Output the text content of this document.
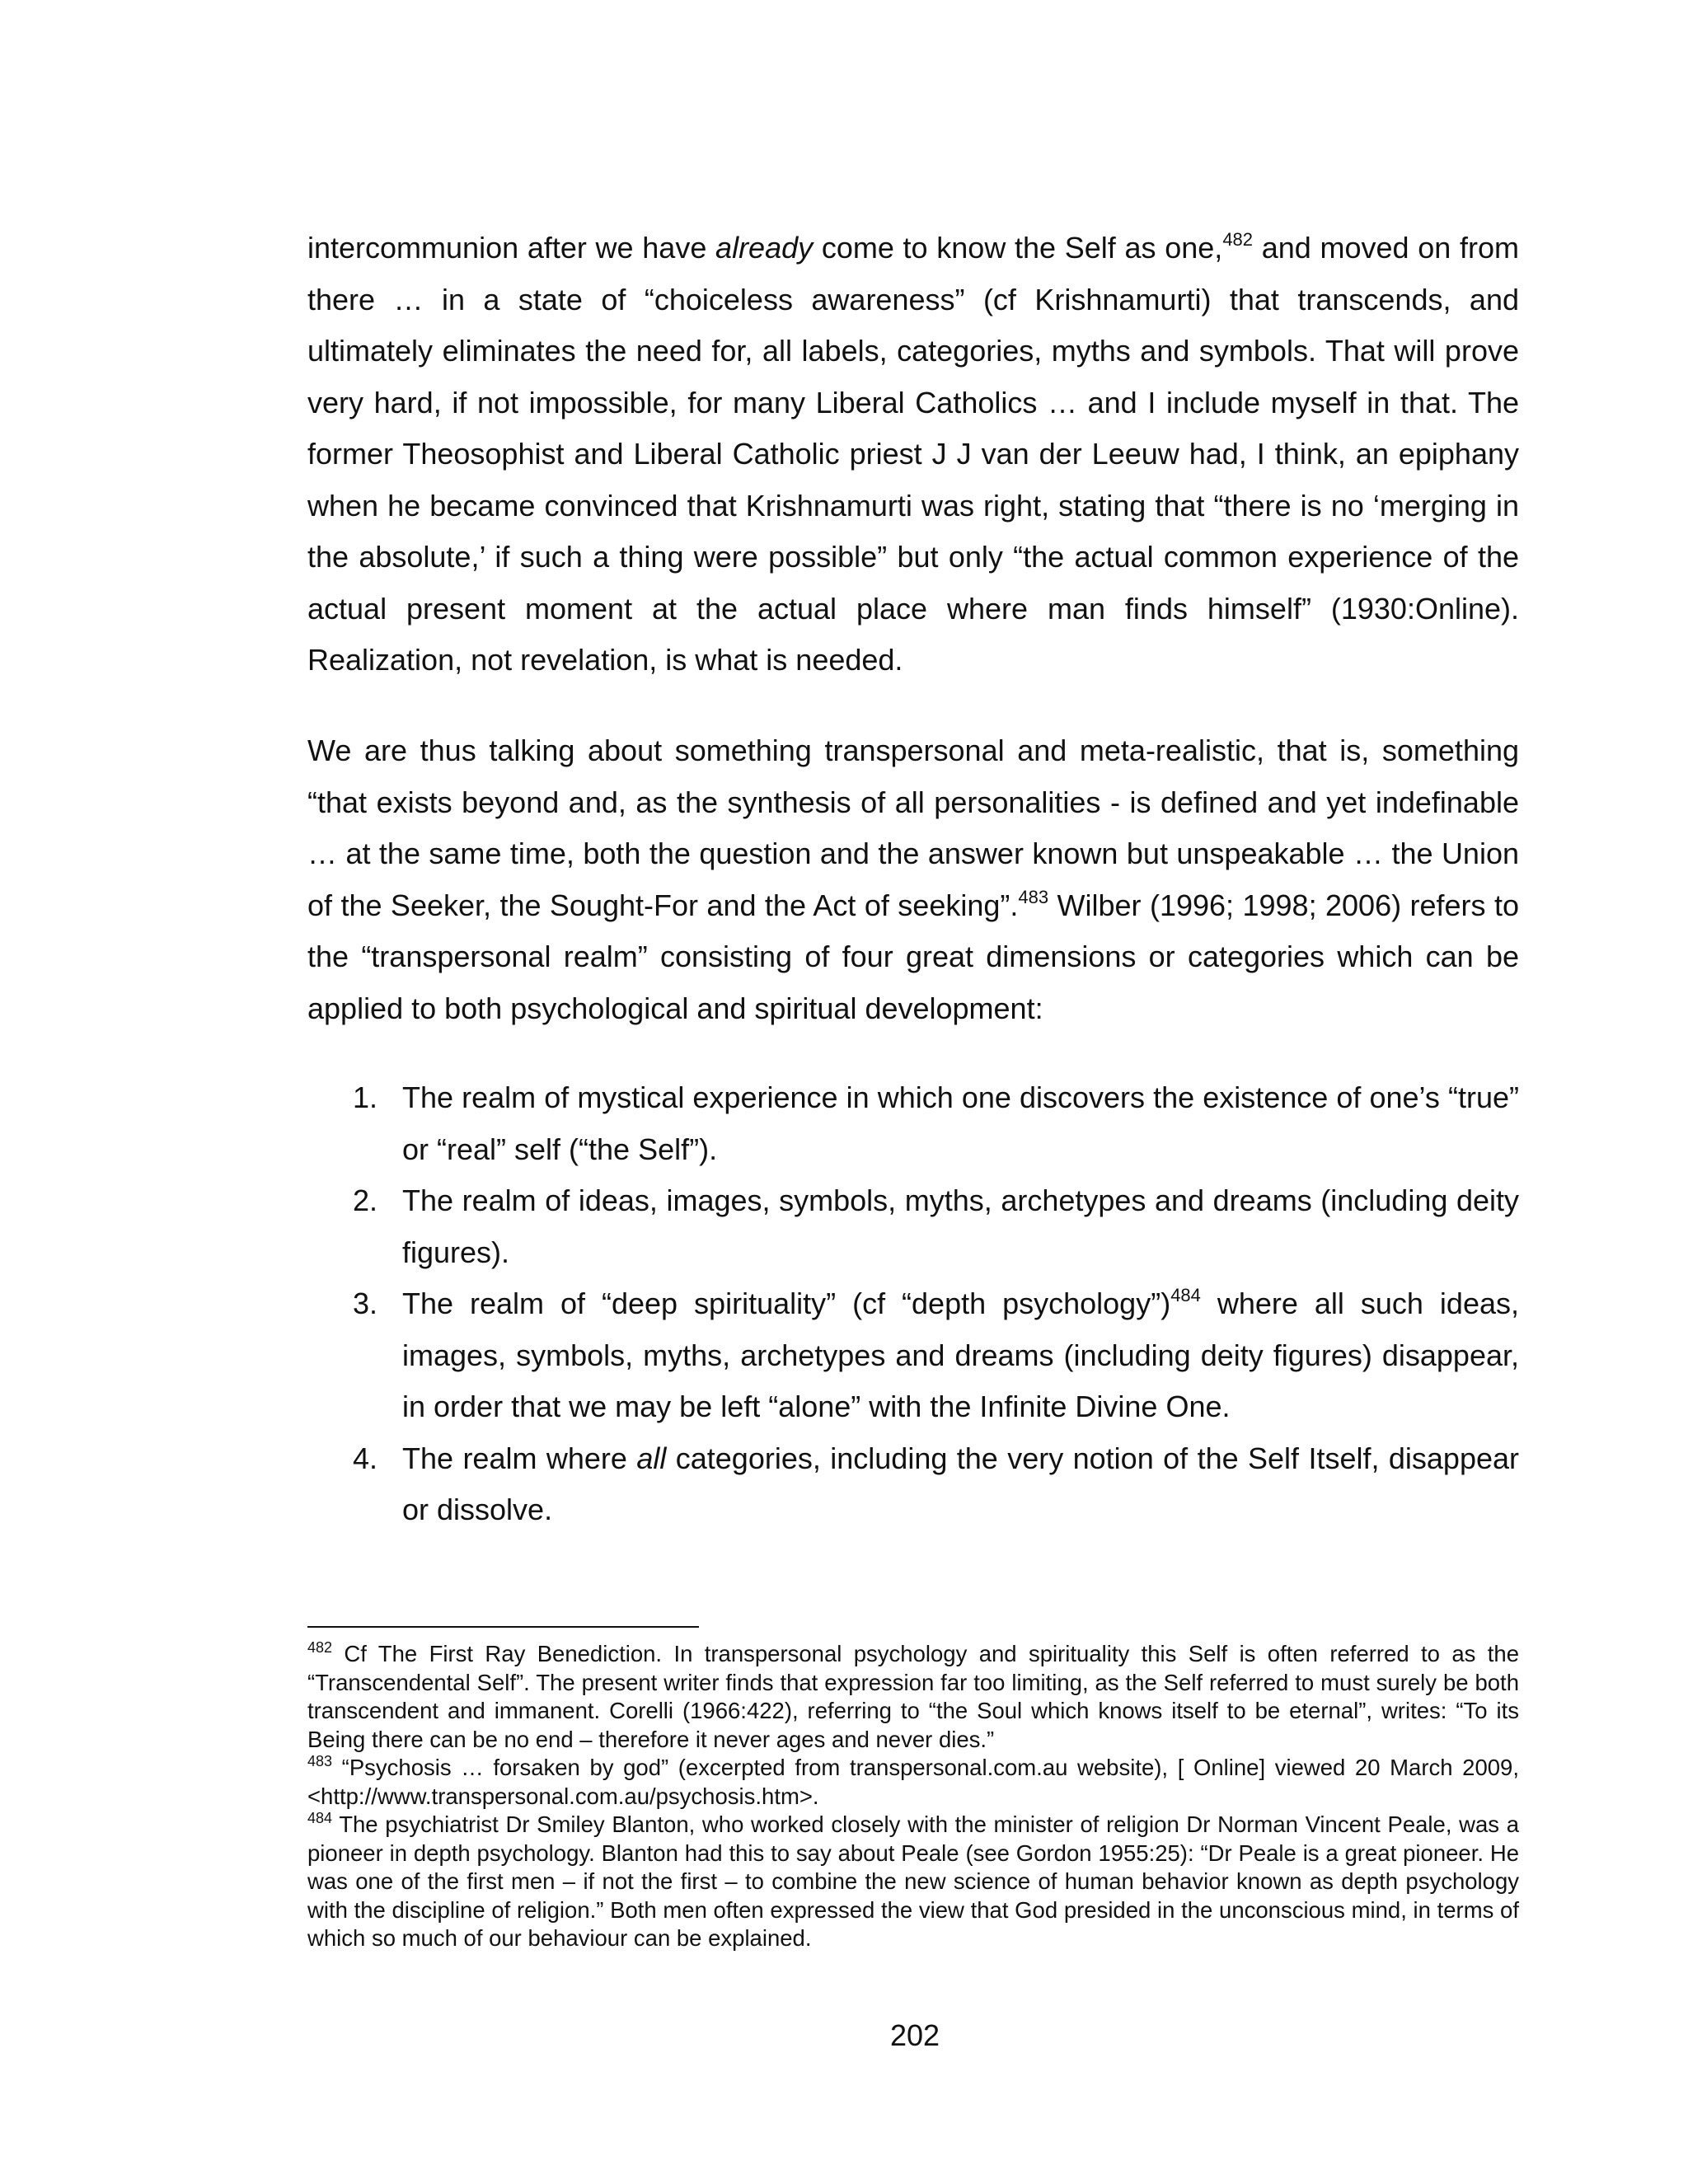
intercommunion after we have already come to know the Self as one,$^{482}$ and moved on from there … in a state of “choiceless awareness” (cf Krishnamurti) that transcends, and ultimately eliminates the need for, all labels, categories, myths and symbols. That will prove very hard, if not impossible, for many Liberal Catholics … and I include myself in that. The former Theosophist and Liberal Catholic priest J J van der Leeuw had, I think, an epiphany when he became convinced that Krishnamurti was right, stating that “there is no ‘merging in the absolute,’ if such a thing were possible” but only “the actual common experience of the actual present moment at the actual place where man finds himself” (1930:Online). Realization, not revelation, is what is needed.

We are thus talking about something transpersonal and meta-realistic, that is, something “that exists beyond and, as the synthesis of all personalities - is defined and yet indefinable … at the same time, both the question and the answer known but unspeakable … the Union of the Seeker, the Sought-For and the Act of seeking”.$^{483}$ Wilber (1996; 1998; 2006) refers to the “transpersonal realm” consisting of four great dimensions or categories which can be applied to both psychological and spiritual development:

1. The realm of mystical experience in which one discovers the existence of one’s “true” or “real” self (“the Self”).
2. The realm of ideas, images, symbols, myths, archetypes and dreams (including deity figures).
3. The realm of “deep spirituality” (cf “depth psychology”)$^{484}$ where all such ideas, images, symbols, myths, archetypes and dreams (including deity figures) disappear, in order that we may be left “alone” with the Infinite Divine One.
4. The realm where all categories, including the very notion of the Self Itself, disappear or dissolve.

$^{482}$ Cf The First Ray Benediction. In transpersonal psychology and spirituality this Self is often referred to as the “Transcendental Self”. The present writer finds that expression far too limiting, as the Self referred to must surely be both transcendent and immanent. Corelli (1966:422), referring to “the Soul which knows itself to be eternal”, writes: “To its Being there can be no end – therefore it never ages and never dies.”

$^{483}$ “Psychosis … forsaken by god” (excerpted from transpersonal.com.au website), [ Online] viewed 20 March 2009, <http://www.transpersonal.com.au/psychosis.htm>.

$^{484}$ The psychiatrist Dr Smiley Blanton, who worked closely with the minister of religion Dr Norman Vincent Peale, was a pioneer in depth psychology. Blanton had this to say about Peale (see Gordon 1955:25): “Dr Peale is a great pioneer. He was one of the first men – if not the first – to combine the new science of human behavior known as depth psychology with the discipline of religion.” Both men often expressed the view that God presided in the unconscious mind, in terms of which so much of our behaviour can be explained.

202
